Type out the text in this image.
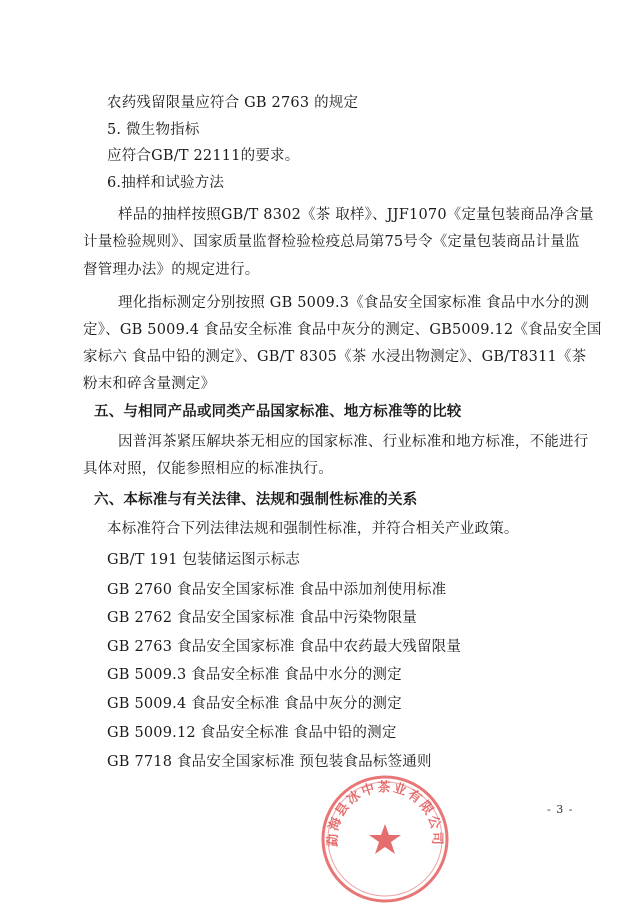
农药残留限量应符合 GB 2763 的规定
5. 微生物指标
应符合GB/T 22111的要求。
6.抽样和试验方法
样品的抽样按照GB/T 8302《茶 取样》、JJF1070《定量包装商品净含量
计量检验规则》、国家质量监督检验检疫总局第75号令《定量包装商品计量监
督管理办法》的规定进行。
理化指标测定分别按照 GB 5009.3《食品安全国家标准 食品中水分的测
定》、GB 5009.4 食品安全标准 食品中灰分的测定、GB5009.12《食品安全国
家标六 食品中铅的测定》、GB/T 8305《茶 水浸出物测定》、GB/T8311《茶
粉末和碎含量测定》
五、与相同产品或同类产品国家标准、地方标准等的比较
因普洱茶紧压解块茶无相应的国家标准、行业标准和地方标准，不能进行
具体对照，仅能参照相应的标准执行。
六、本标准与有关法律、法规和强制性标准的关系
本标准符合下列法律法规和强制性标准，并符合相关产业政策。
GB/T 191 包装储运图示标志
GB 2760 食品安全国家标准 食品中添加剂使用标准
GB 2762 食品安全国家标准 食品中污染物限量
GB 2763 食品安全国家标准 食品中农药最大残留限量
GB 5009.3 食品安全标准 食品中水分的测定
GB 5009.4 食品安全标准 食品中灰分的测定
GB 5009.12 食品安全标准 食品中铅的测定
GB 7718 食品安全国家标准 预包装食品标签通则
- 3 -
勐海县冰中茶业有限公司
